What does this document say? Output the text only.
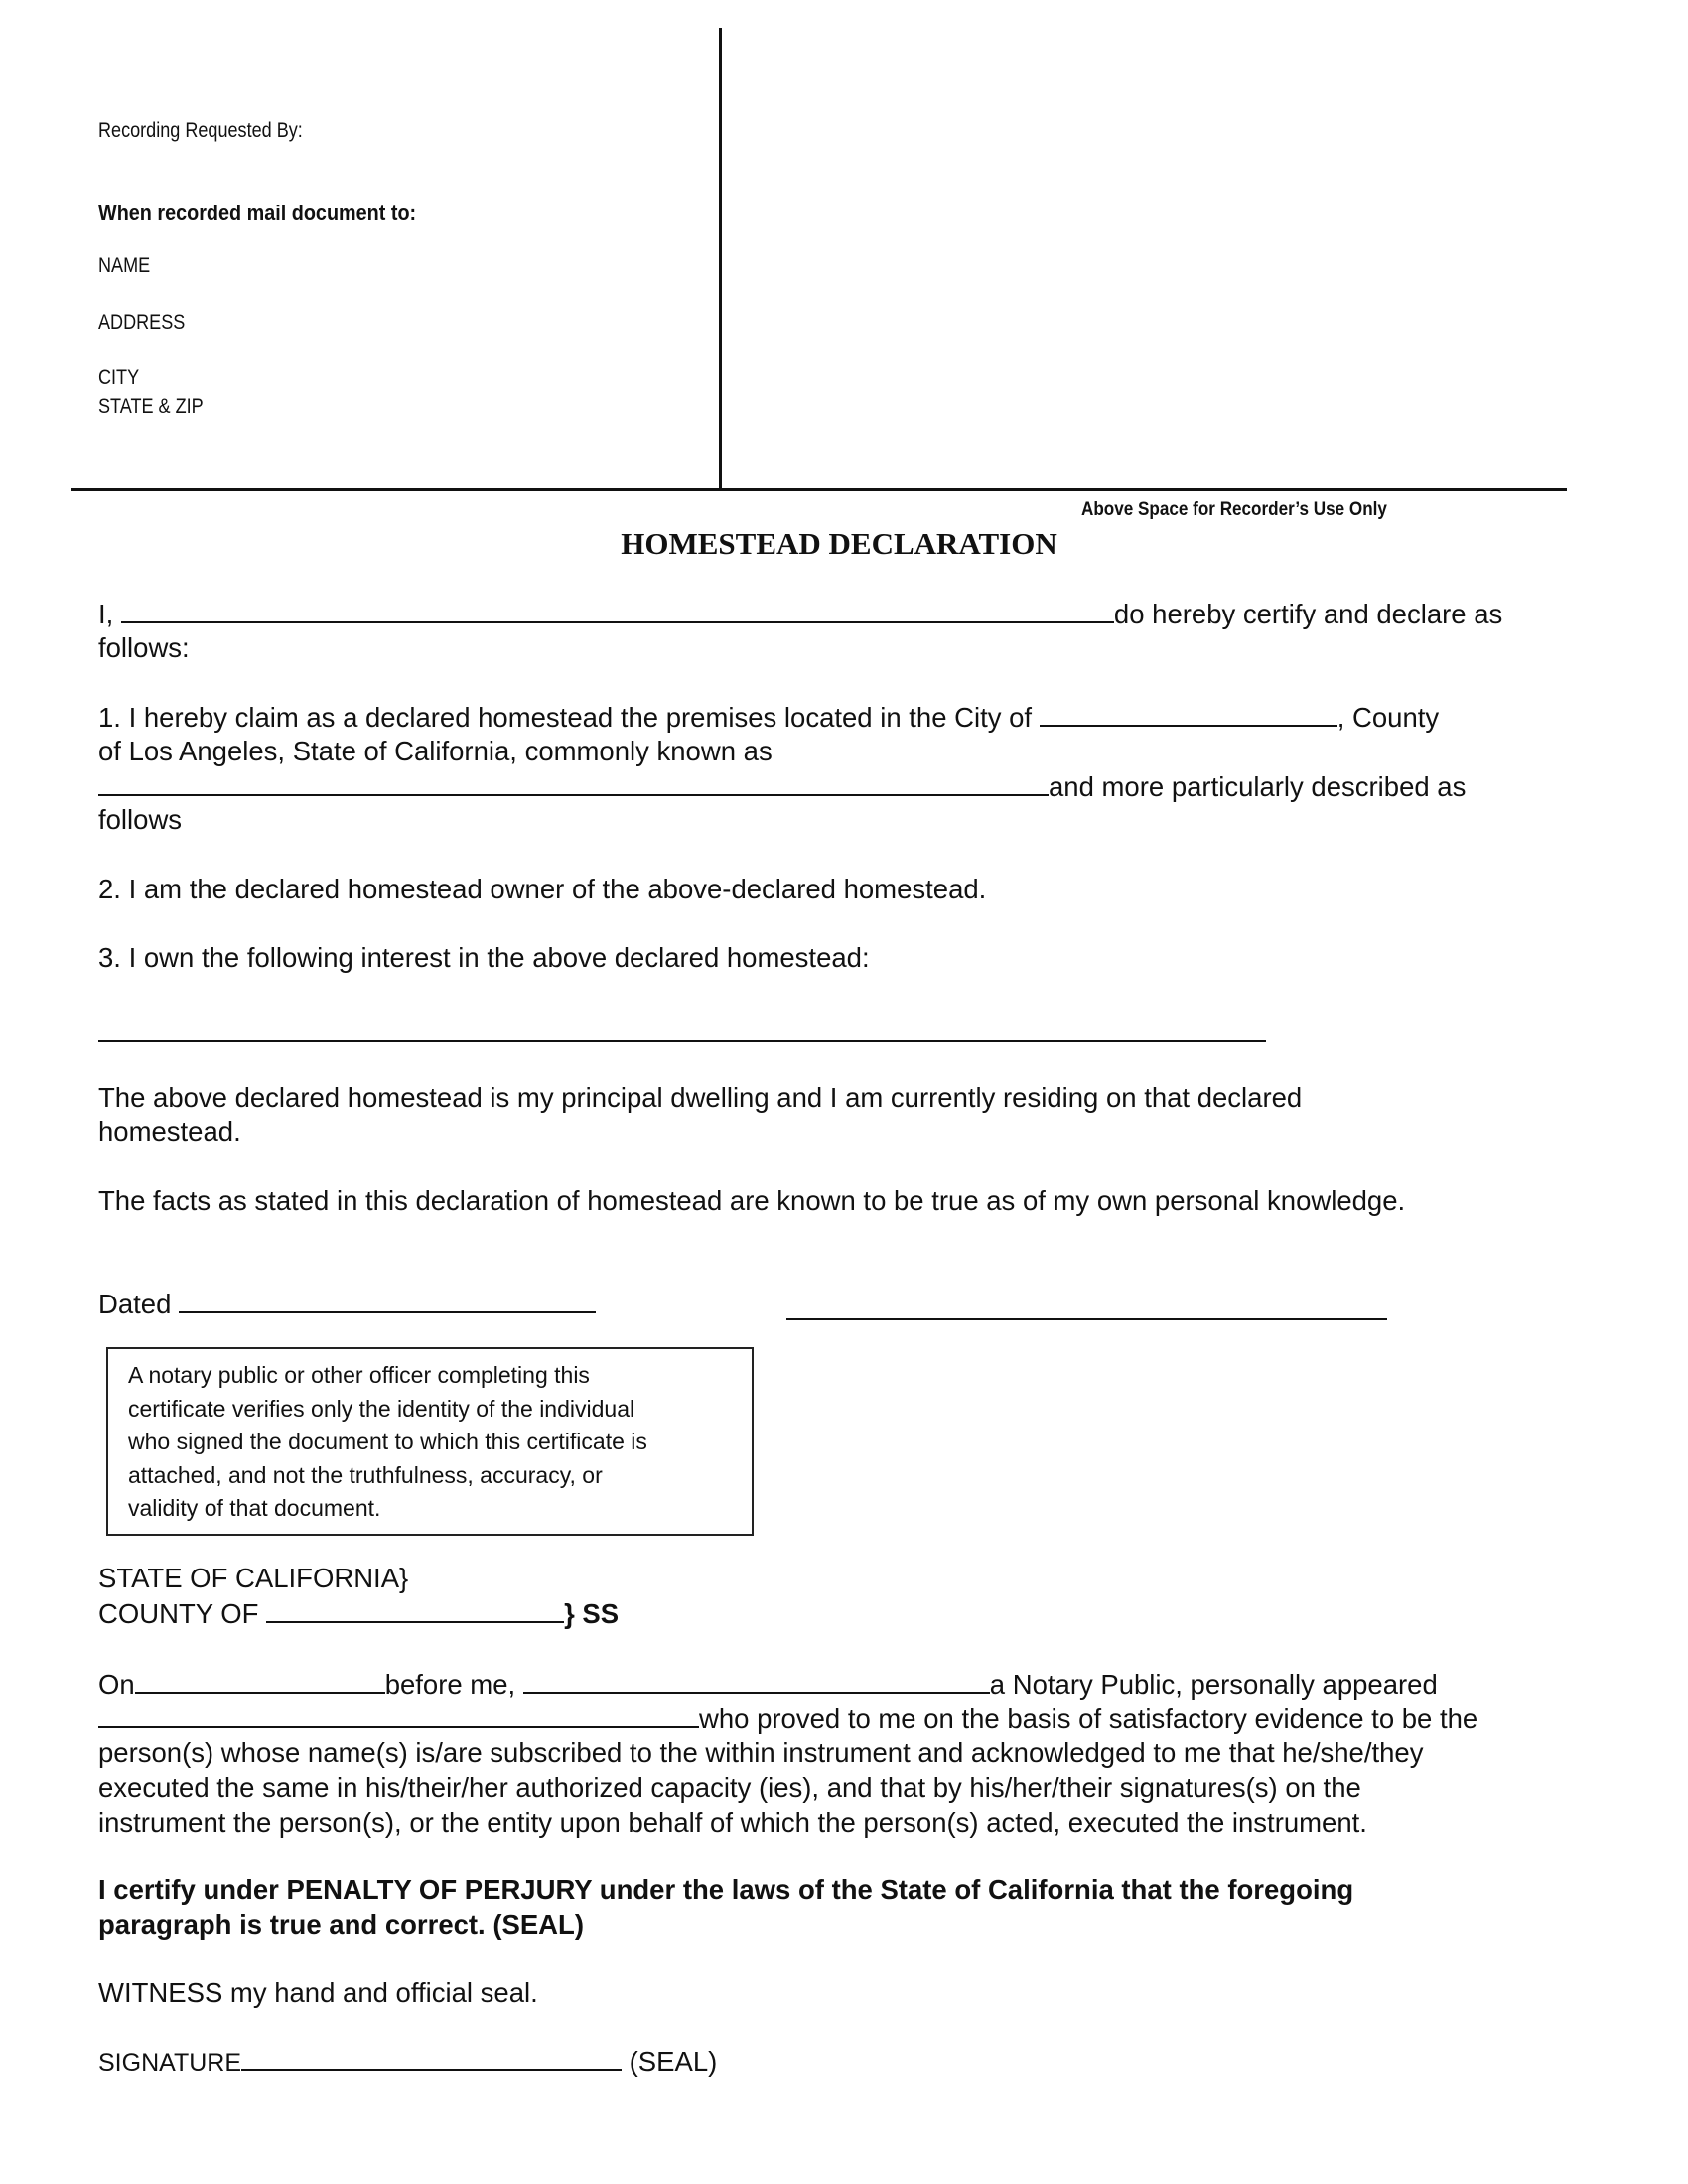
Recording Requested By:
When recorded mail document to:
NAME
ADDRESS
CITY
STATE & ZIP
Above Space for Recorder’s Use Only
HOMESTEAD DECLARATION
I,	do hereby certify and declare as
follows:
1. I hereby claim as a declared homestead the premises located in the City of	, County
of Los Angeles, State of California, commonly known as
and more particularly described as
follows
2. I am the declared homestead owner of the above-declared homestead.
3. I own the following interest in the above declared homestead:
The above declared homestead is my principal dwelling and I am currently residing on that declared
homestead.
The facts as stated in this declaration of homestead are known to be true as of my own personal knowledge.
Dated
A notary public or other officer completing this
certificate verifies only the identity of the individual
who signed the document to which this certificate is
attached, and not the truthfulness, accuracy, or
validity of that document.
STATE OF CALIFORNIA}
COUNTY OF	} SS
On	before me,	a Notary Public, personally appeared
who proved to me on the basis of satisfactory evidence to be the
person(s) whose name(s) is/are subscribed to the within instrument and acknowledged to me that he/she/they
executed the same in his/their/her authorized capacity (ies), and that by his/her/their signatures(s) on the
instrument the person(s), or the entity upon behalf of which the person(s) acted, executed the instrument.
I certify under PENALTY OF PERJURY under the laws of the State of California that the foregoing
paragraph is true and correct. (SEAL)
WITNESS my hand and official seal.
SIGNATURE	(SEAL)
